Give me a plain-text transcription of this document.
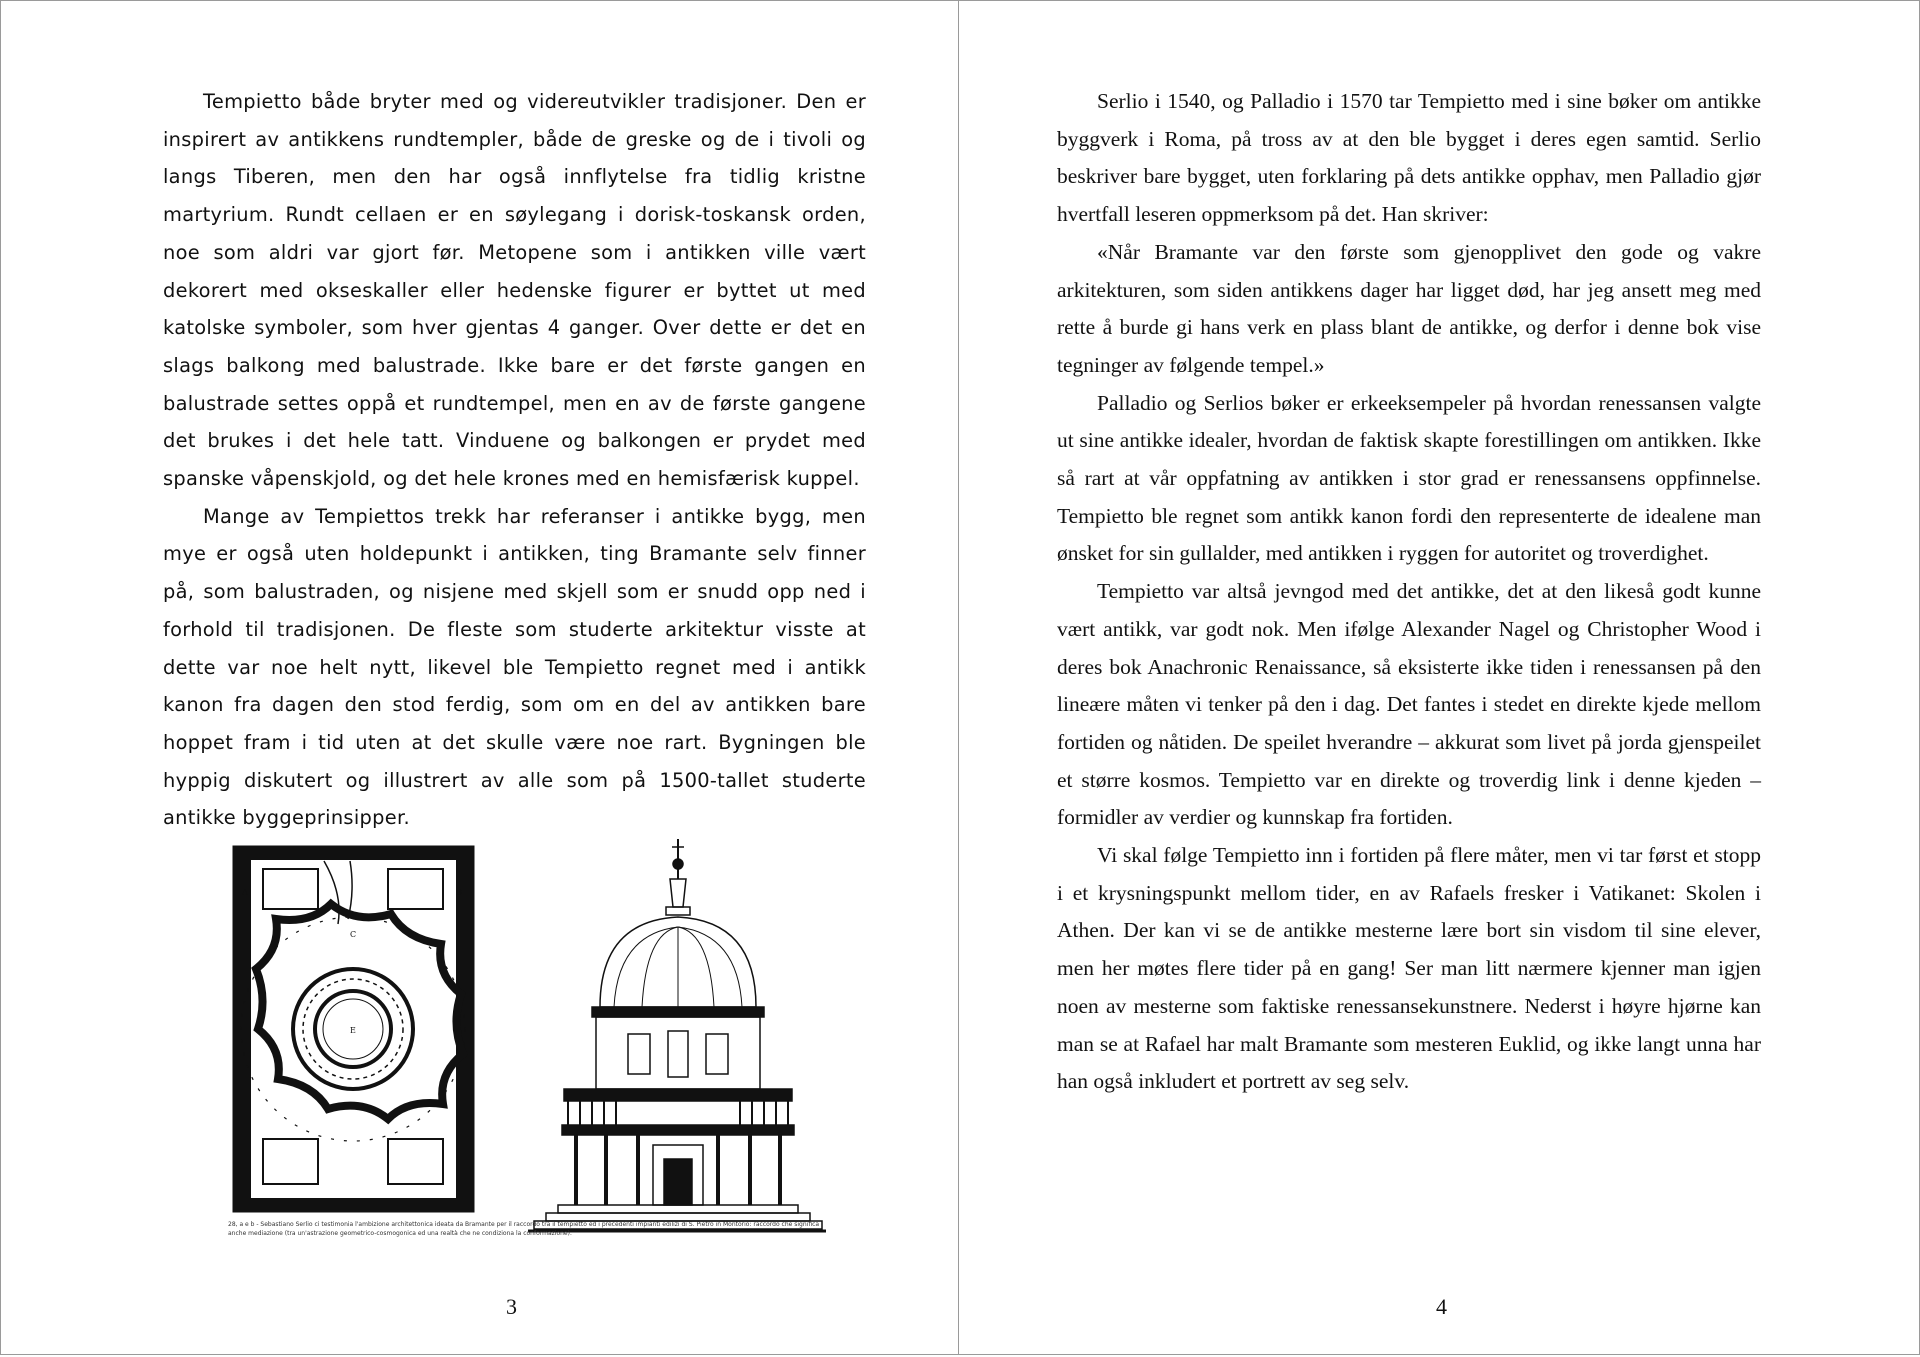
Tempietto både bryter med og videreutvikler tradisjoner. Den er inspirert av antikkens rundtempler, både de greske og de i tivoli og langs Tiberen, men den har også innflytelse fra tidlig kristne martyrium. Rundt cellaen er en søylegang i dorisk-toskansk orden, noe som aldri var gjort før. Metopene som i antikken ville vært dekorert med okseskaller eller hedenske figurer er byttet ut med katolske symboler, som hver gjentas 4 ganger. Over dette er det en slags balkong med balustrade. Ikke bare er det første gangen en balustrade settes oppå et rundtempel, men en av de første gangene det brukes i det hele tatt. Vinduene og balkongen er prydet med spanske våpenskjold, og det hele krones med en hemisfærisk kuppel.

Mange av Tempiettos trekk har referanser i antikke bygg, men mye er også uten holdepunkt i antikken, ting Bramante selv finner på, som balustraden, og nisjene med skjell som er snudd opp ned i forhold til tradisjonen. De fleste som studerte arkitektur visste at dette var noe helt nytt, likevel ble Tempietto regnet med i antikk kanon fra dagen den stod ferdig, som om en del av antikken bare hoppet fram i tid uten at det skulle være noe rart. Bygningen ble hyppig diskutert og illustrert av alle som på 1500-tallet studerte antikke byggeprinsipper.

A	B
C
E
28, a e b - Sebastiano Serlio ci testimonia l'ambizione architettonica ideata da Bramante per il raccordo tra il tempietto ed i precedenti impianti edilizi di S. Pietro in Montorio: raccordo che significa anche mediazione (tra un'astrazione geometrico-cosmogonica ed una realtà che ne condiziona la conformazione).
3

Serlio i 1540, og Palladio i 1570 tar Tempietto med i sine bøker om antikke byggverk i Roma, på tross av at den ble bygget i deres egen samtid. Serlio beskriver bare bygget, uten forklaring på dets antikke opphav, men Palladio gjør hvertfall leseren oppmerksom på det. Han skriver:

«Når Bramante var den første som gjenopplivet den gode og vakre arkitekturen, som siden antikkens dager har ligget død, har jeg ansett meg med rette å burde gi hans verk en plass blant de antikke, og derfor i denne bok vise tegninger av følgende tempel.»

Palladio og Serlios bøker er erkeeksempeler på hvordan renessansen valgte ut sine antikke idealer, hvordan de faktisk skapte forestillingen om antikken. Ikke så rart at vår oppfatning av antikken i stor grad er renessansens oppfinnelse. Tempietto ble regnet som antikk kanon fordi den representerte de idealene man ønsket for sin gullalder, med antikken i ryggen for autoritet og troverdighet.

Tempietto var altså jevngod med det antikke, det at den likeså godt kunne vært antikk, var godt nok. Men ifølge Alexander Nagel og Christopher Wood i deres bok Anachronic Renaissance, så eksisterte ikke tiden i renessansen på den lineære måten vi tenker på den i dag. Det fantes i stedet en direkte kjede mellom fortiden og nåtiden. De speilet hverandre – akkurat som livet på jorda gjenspeilet et større kosmos. Tempietto var en direkte og troverdig link i denne kjeden – formidler av verdier og kunnskap fra fortiden.

Vi skal følge Tempietto inn i fortiden på flere måter, men vi tar først et stopp i et krysningspunkt mellom tider, en av Rafaels fresker i Vatikanet: Skolen i Athen. Der kan vi se de antikke mesterne lære bort sin visdom til sine elever, men her møtes flere tider på en gang! Ser man litt nærmere kjenner man igjen noen av mesterne som faktiske renessansekunstnere. Nederst i høyre hjørne kan man se at Rafael har malt Bramante som mesteren Euklid, og ikke langt unna har han også inkludert et portrett av seg selv.

4
